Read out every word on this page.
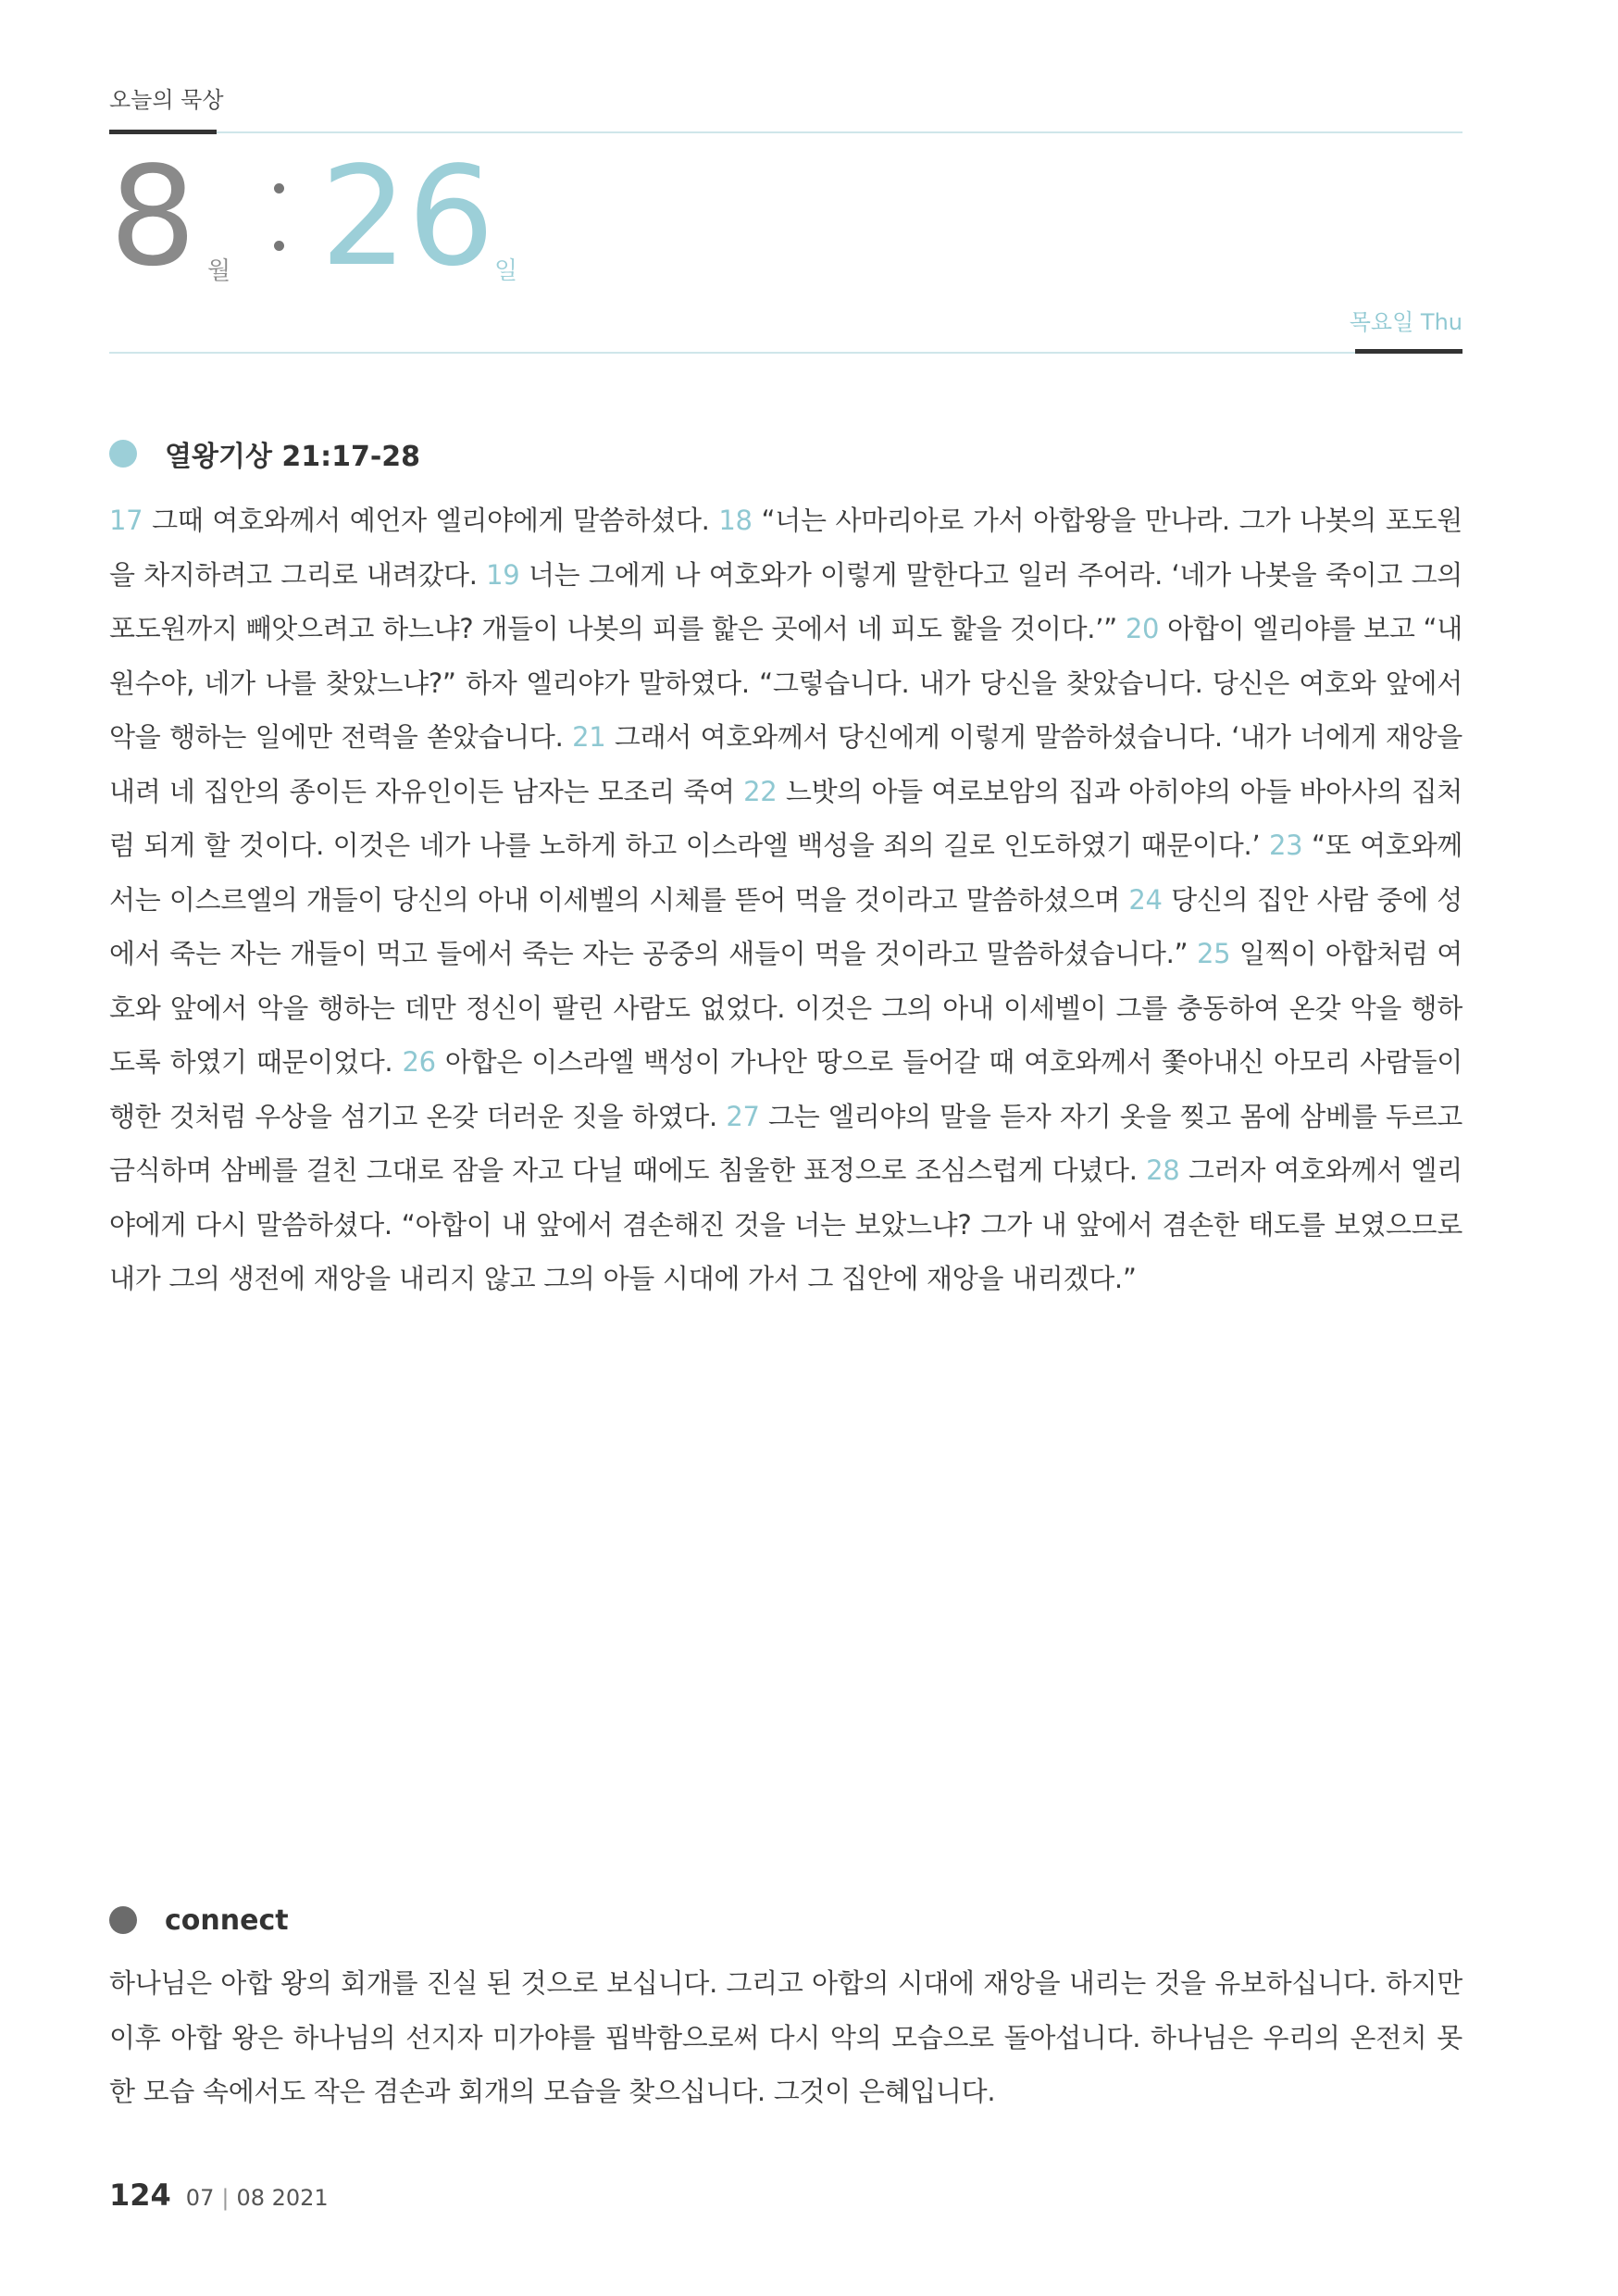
오늘의 묵상
8 월 26 일
목요일 Thu
열왕기상 21:17-28
17 그때 여호와께서 예언자 엘리야에게 말씀하셨다. 18 “너는 사마리아로 가서 아합왕을 만나라. 그가 나봇의 포도원을 차지하려고 그리로 내려갔다. 19 너는 그에게 나 여호와가 이렇게 말한다고 일러 주어라. ‘네가 나봇을 죽이고 그의 포도원까지 빼앗으려고 하느냐? 개들이 나봇의 피를 핥은 곳에서 네 피도 핥을 것이다.’” 20 아합이 엘리야를 보고 “내 원수야, 네가 나를 찾았느냐?” 하자 엘리야가 말하였다. “그렇습니다. 내가 당신을 찾았습니다. 당신은 여호와 앞에서 악을 행하는 일에만 전력을 쏟았습니다. 21 그래서 여호와께서 당신에게 이렇게 말씀하셨습니다. ‘내가 너에게 재앙을 내려 네 집안의 종이든 자유인이든 남자는 모조리 죽여 22 느밧의 아들 여로보암의 집과 아히야의 아들 바아사의 집처럼 되게 할 것이다. 이것은 네가 나를 노하게 하고 이스라엘 백성을 죄의 길로 인도하였기 때문이다.’ 23 “또 여호와께서는 이스르엘의 개들이 당신의 아내 이세벨의 시체를 뜯어 먹을 것이라고 말씀하셨으며 24 당신의 집안 사람 중에 성에서 죽는 자는 개들이 먹고 들에서 죽는 자는 공중의 새들이 먹을 것이라고 말씀하셨습니다.” 25 일찍이 아합처럼 여호와 앞에서 악을 행하는 데만 정신이 팔린 사람도 없었다. 이것은 그의 아내 이세벨이 그를 충동하여 온갖 악을 행하도록 하였기 때문이었다. 26 아합은 이스라엘 백성이 가나안 땅으로 들어갈 때 여호와께서 쫓아내신 아모리 사람들이 행한 것처럼 우상을 섬기고 온갖 더러운 짓을 하였다. 27 그는 엘리야의 말을 듣자 자기 옷을 찢고 몸에 삼베를 두르고 금식하며 삼베를 걸친 그대로 잠을 자고 다닐 때에도 침울한 표정으로 조심스럽게 다녔다. 28 그러자 여호와께서 엘리야에게 다시 말씀하셨다. “아합이 내 앞에서 겸손해진 것을 너는 보았느냐? 그가 내 앞에서 겸손한 태도를 보였으므로 내가 그의 생전에 재앙을 내리지 않고 그의 아들 시대에 가서 그 집안에 재앙을 내리겠다.”
connect
하나님은 아합 왕의 회개를 진실 된 것으로 보십니다. 그리고 아합의 시대에 재앙을 내리는 것을 유보하십니다. 하지만 이후 아합 왕은 하나님의 선지자 미가야를 핍박함으로써 다시 악의 모습으로 돌아섭니다. 하나님은 우리의 온전치 못한 모습 속에서도 작은 겸손과 회개의 모습을 찾으십니다. 그것이 은혜입니다.
124 07 | 08 2021
